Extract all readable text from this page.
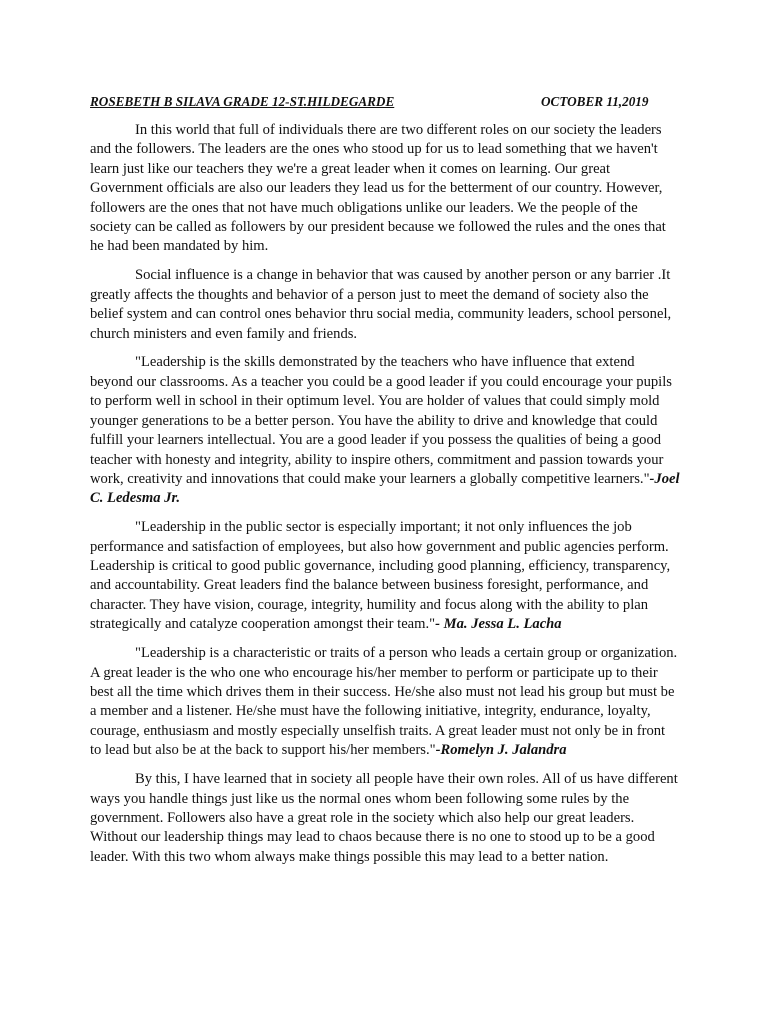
ROSEBETH B SILAVA GRADE 12-ST.HILDEGARDE	OCTOBER 11,2019

In this world that full of individuals there are two different roles on our society the leaders and the followers. The leaders are the ones who stood up for us to lead something that we haven't learn just like our teachers they we're a great leader when it comes on learning. Our great Government officials are also our leaders they lead us for the betterment of our country. However, followers are the ones that not have much obligations unlike our leaders. We the people of the society can be called as followers by our president because we followed the rules and the ones that he had been mandated by him.

Social influence is a change in behavior that was caused by another person or any barrier .It greatly affects the thoughts and behavior of a person just to meet the demand of society also the belief system and can control ones behavior thru social media, community leaders, school personel, church ministers and even family and friends.

"Leadership is the skills demonstrated by the teachers who have influence that extend beyond our classrooms. As a teacher you could be a good leader if you could encourage your pupils to perform well in school in their optimum level. You are holder of values that could simply mold younger generations to be a better person. You have the ability to drive and knowledge that could fulfill your learners intellectual. You are a good leader if you possess the qualities of being a good teacher with honesty and integrity, ability to inspire others, commitment and passion towards your work, creativity and innovations that could make your learners a globally competitive learners."-Joel C. Ledesma Jr.

"Leadership in the public sector is especially important; it not only influences the job performance and satisfaction of employees, but also how government and public agencies perform. Leadership is critical to good public governance, including good planning, efficiency, transparency, and accountability. Great leaders find the balance between business foresight, performance, and character. They have vision, courage, integrity, humility and focus along with the ability to plan strategically and catalyze cooperation amongst their team."- Ma. Jessa L. Lacha

"Leadership is a characteristic or traits of a person who leads a certain group or organization. A great leader is the who one who encourage his/her member to perform or participate up to their best all the time which drives them in their success. He/she also must not lead his group but must be a member and a listener. He/she must have the following initiative, integrity, endurance, loyalty, courage, enthusiasm and mostly especially unselfish traits. A great leader must not only be in front to lead but also be at the back to support his/her members."-Romelyn J. Jalandra

By this, I have learned that in society all people have their own roles. All of us have different ways you handle things just like us the normal ones whom been following some rules by the government. Followers also have a great role in the society which also help our great leaders. Without our leadership things may lead to chaos because there is no one to stood up to be a good leader. With this two whom always make things possible this may lead to a better nation.
